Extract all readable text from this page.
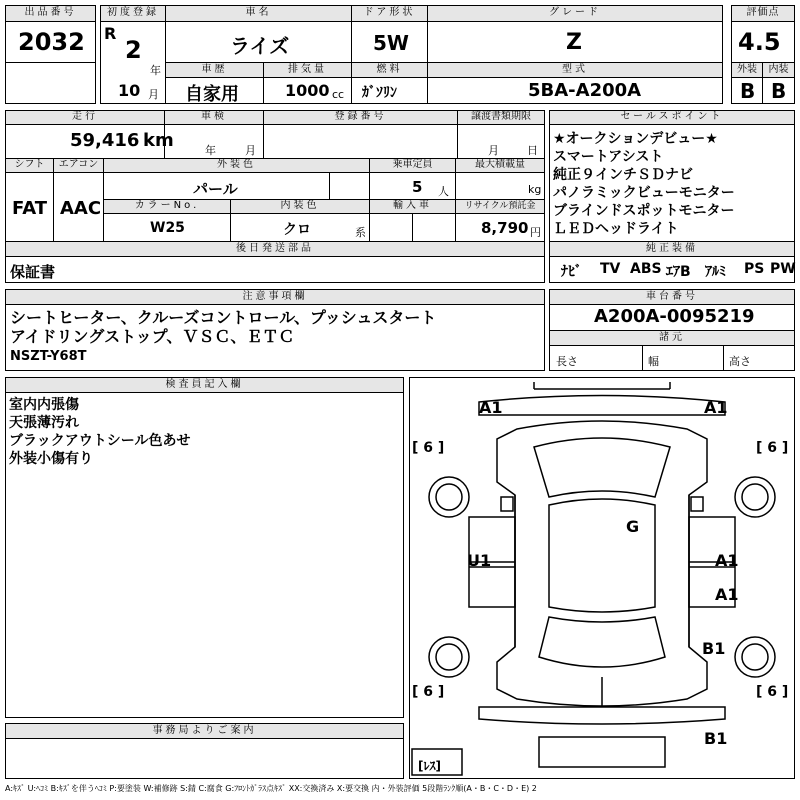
出品番号
2032
初度登録
R
2
年
10 月
車名
ライズ
ドア形状
5W
グレード
Z
評価点
4.5
車歴
自家用
排気量
1000 cc
燃料
ｶﾞｿﾘﾝ
型式
5BA-A200A
外装	内装
B B
走行
59,416 km
車検
年	月
登録番号	譲渡書類期限
月	日
シフト	エアコン
FAT AAC
外装色
パール
乗車定員
5 人
最大積載量
kg
カラーNo.
W25
内装色
クロ	系
輸入車	リサイクル預託金
8,790 円
後日発送部品
保証書
セールスポイント
★オークションデビュー★
スマートアシスト
純正９インチＳＤナビ
パノラミックビューモニター
ブラインドスポットモニター
ＬＥＤヘッドライト
純正装備
ﾅﾋﾞ TV ABS ｴｱB ｱﾙﾐ PS PW
注意事項欄
シートヒーター、クルーズコントロール、プッシュスタート
アイドリングストップ、ＶＳＣ、ＥＴＣ
NSZT-Y68T
車台番号
A200A-0095219
諸元
長さ	幅	高さ
検査員記入欄
室内内張傷
天張薄汚れ
ブラックアウトシール色あせ
外装小傷有り
事務局よりご案内
A1	A1
G
U1	A1
A1
B1
B1
[ 6 ]	[ 6 ]
[ 6 ]	[ 6 ]
[ﾚｽ]
A:ｷｽﾞ U:ﾍｺﾐ B:ｷｽﾞを伴うﾍｺﾐ P:要塗装 W:補修跡 S:錆 C:腐食 G:ﾌﾛﾝﾄｶﾞﾗｽ点ｷｽﾞ XX:交換済み X:要交換 内・外装評価 5段階ﾗﾝｸ順(A・B・C・D・E) 2
